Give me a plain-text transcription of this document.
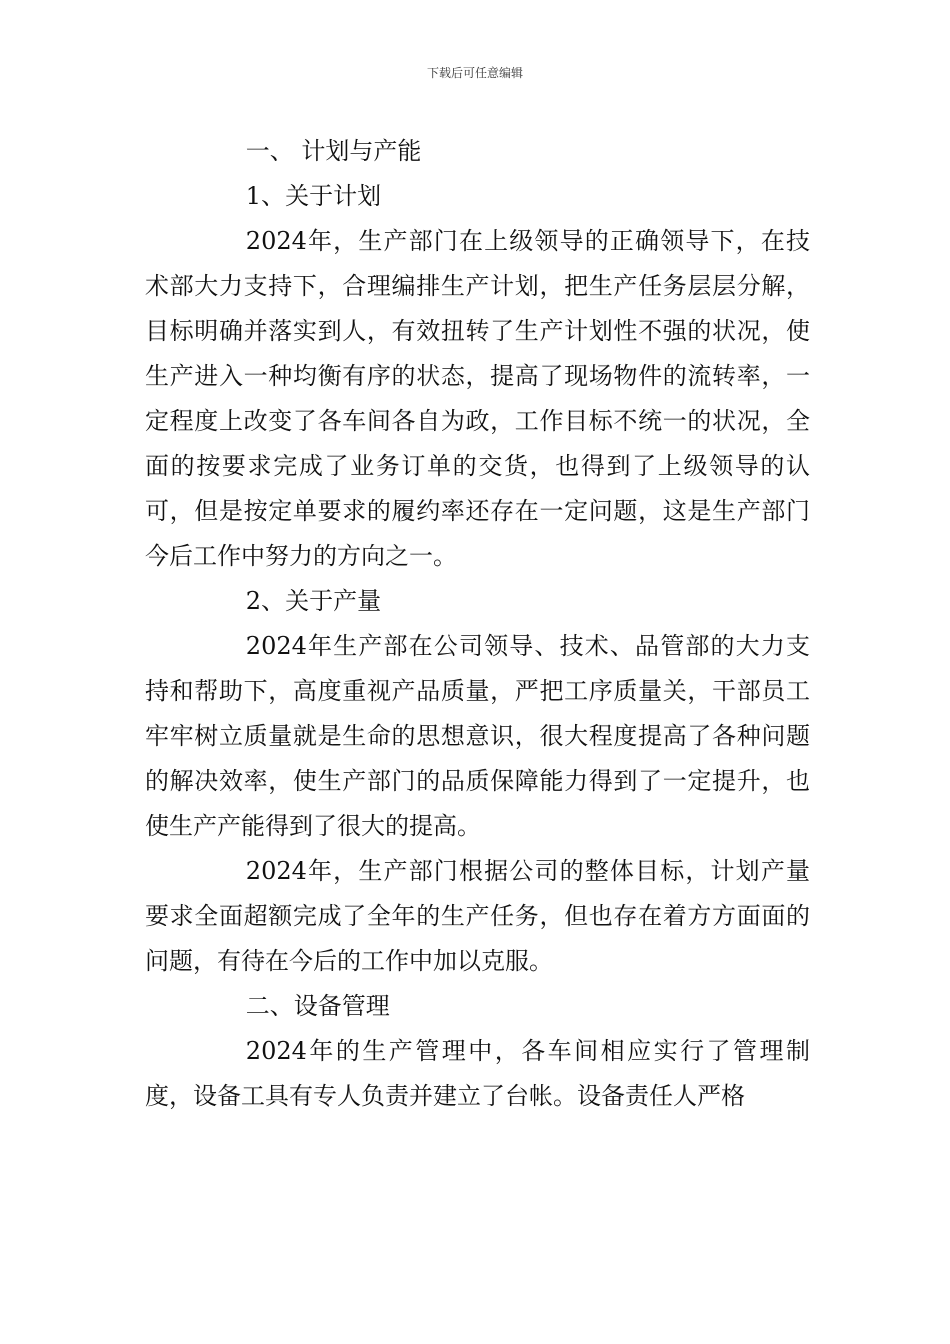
下载后可任意编辑
一、 计划与产能
1、关于计划

2024年，生产部门在上级领导的正确领导下，在技术部大力支持下，合理编排生产计划，把生产任务层层分解，目标明确并落实到人，有效扭转了生产计划性不强的状况，使生产进入一种均衡有序的状态，提高了现场物件的流转率，一定程度上改变了各车间各自为政，工作目标不统一的状况，全面的按要求完成了业务订单的交货，也得到了上级领导的认可，但是按定单要求的履约率还存在一定问题，这是生产部门今后工作中努力的方向之一。

2、关于产量

2024年生产部在公司领导、技术、品管部的大力支持和帮助下，高度重视产品质量，严把工序质量关，干部员工牢牢树立质量就是生命的思想意识，很大程度提高了各种问题的解决效率，使生产部门的品质保障能力得到了一定提升，也使生产产能得到了很大的提高。

2024年，生产部门根据公司的整体目标，计划产量要求全面超额完成了全年的生产任务，但也存在着方方面面的问题，有待在今后的工作中加以克服。

二、设备管理

2024年的生产管理中，各车间相应实行了管理制度，设备工具有专人负责并建立了台帐。设备责任人严格
